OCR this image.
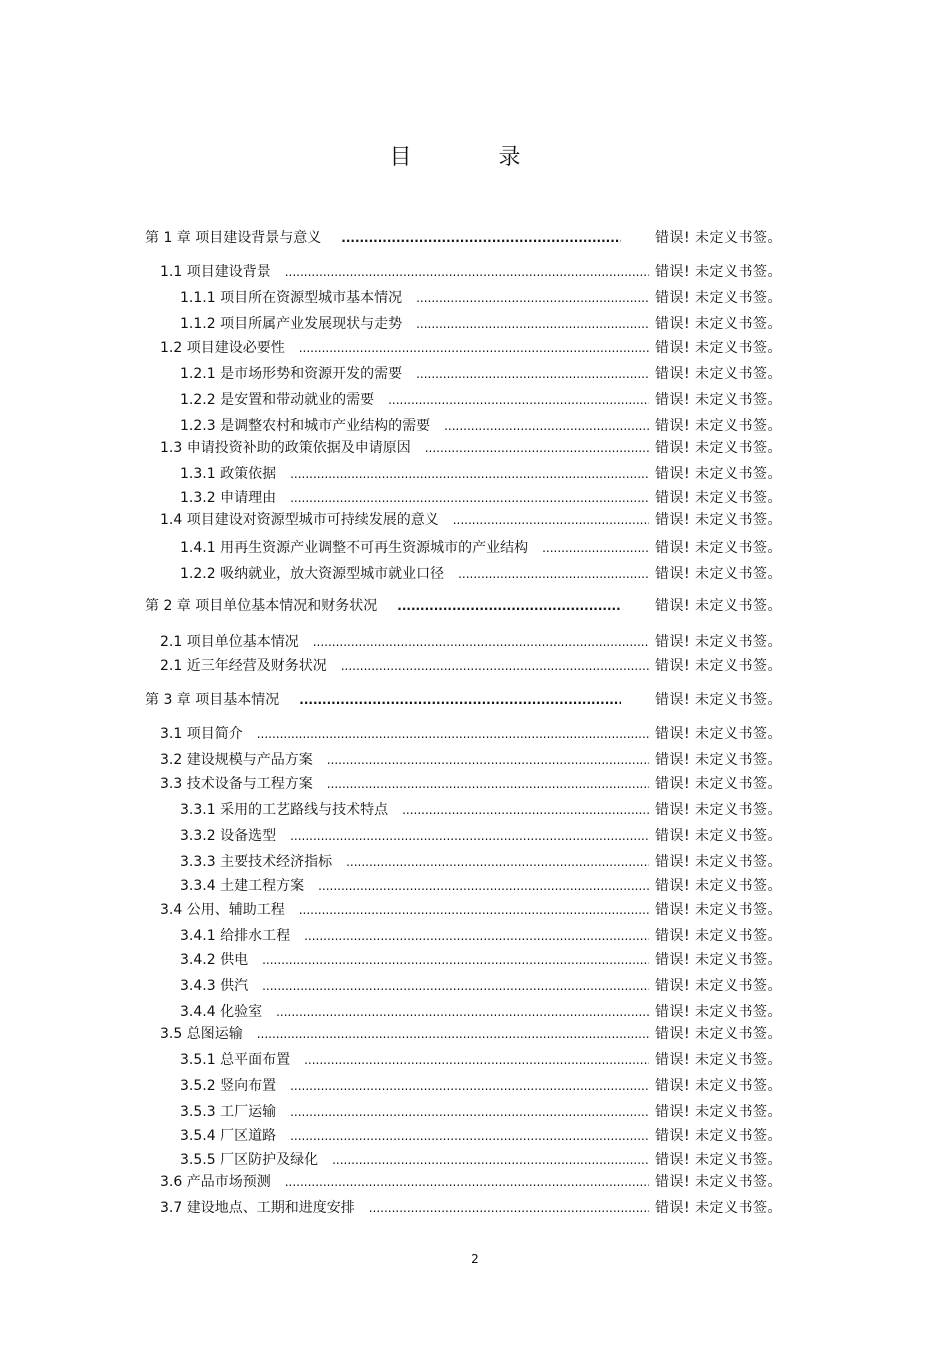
目 录
第 1 章 项目建设背景与意义 .....	错误! 未定义书签。
1.1 项目建设背景 .....	错误! 未定义书签。
1.1.1 项目所在资源型城市基本情况 .....	错误! 未定义书签。
1.1.2 项目所属产业发展现状与走势 .....	错误! 未定义书签。
1.2 项目建设必要性 .....	错误! 未定义书签。
1.2.1 是市场形势和资源开发的需要 .....	错误! 未定义书签。
1.2.2 是安置和带动就业的需要 .....	错误! 未定义书签。
1.2.3 是调整农村和城市产业结构的需要 .....	错误! 未定义书签。
1.3 申请投资补助的政策依据及申请原因 .....	错误! 未定义书签。
1.3.1 政策依据 .....	错误! 未定义书签。
1.3.2 申请理由 .....	错误! 未定义书签。
1.4 项目建设对资源型城市可持续发展的意义 .....	错误! 未定义书签。
1.4.1 用再生资源产业调整不可再生资源城市的产业结构 .....	错误! 未定义书签。
1.2.2 吸纳就业，放大资源型城市就业口径 .....	错误! 未定义书签。
第 2 章 项目单位基本情况和财务状况 .....	错误! 未定义书签。
2.1 项目单位基本情况 .....	错误! 未定义书签。
2.1 近三年经营及财务状况 .....	错误! 未定义书签。
第 3 章 项目基本情况 .....	错误! 未定义书签。
3.1 项目简介 .....	错误! 未定义书签。
3.2 建设规模与产品方案 .....	错误! 未定义书签。
3.3 技术设备与工程方案 .....	错误! 未定义书签。
3.3.1 采用的工艺路线与技术特点 .....	错误! 未定义书签。
3.3.2 设备选型 .....	错误! 未定义书签。
3.3.3 主要技术经济指标 .....	错误! 未定义书签。
3.3.4 土建工程方案 .....	错误! 未定义书签。
3.4 公用、辅助工程 .....	错误! 未定义书签。
3.4.1 给排水工程 .....	错误! 未定义书签。
3.4.2 供电 .....	错误! 未定义书签。
3.4.3 供汽 .....	错误! 未定义书签。
3.4.4 化验室 .....	错误! 未定义书签。
3.5 总图运输 .....	错误! 未定义书签。
3.5.1 总平面布置 .....	错误! 未定义书签。
3.5.2 竖向布置 .....	错误! 未定义书签。
3.5.3 工厂运输 .....	错误! 未定义书签。
3.5.4 厂区道路 .....	错误! 未定义书签。
3.5.5 厂区防护及绿化 .....	错误! 未定义书签。
3.6 产品市场预测 .....	错误! 未定义书签。
3.7 建设地点、工期和进度安排 .....	错误! 未定义书签。
2
